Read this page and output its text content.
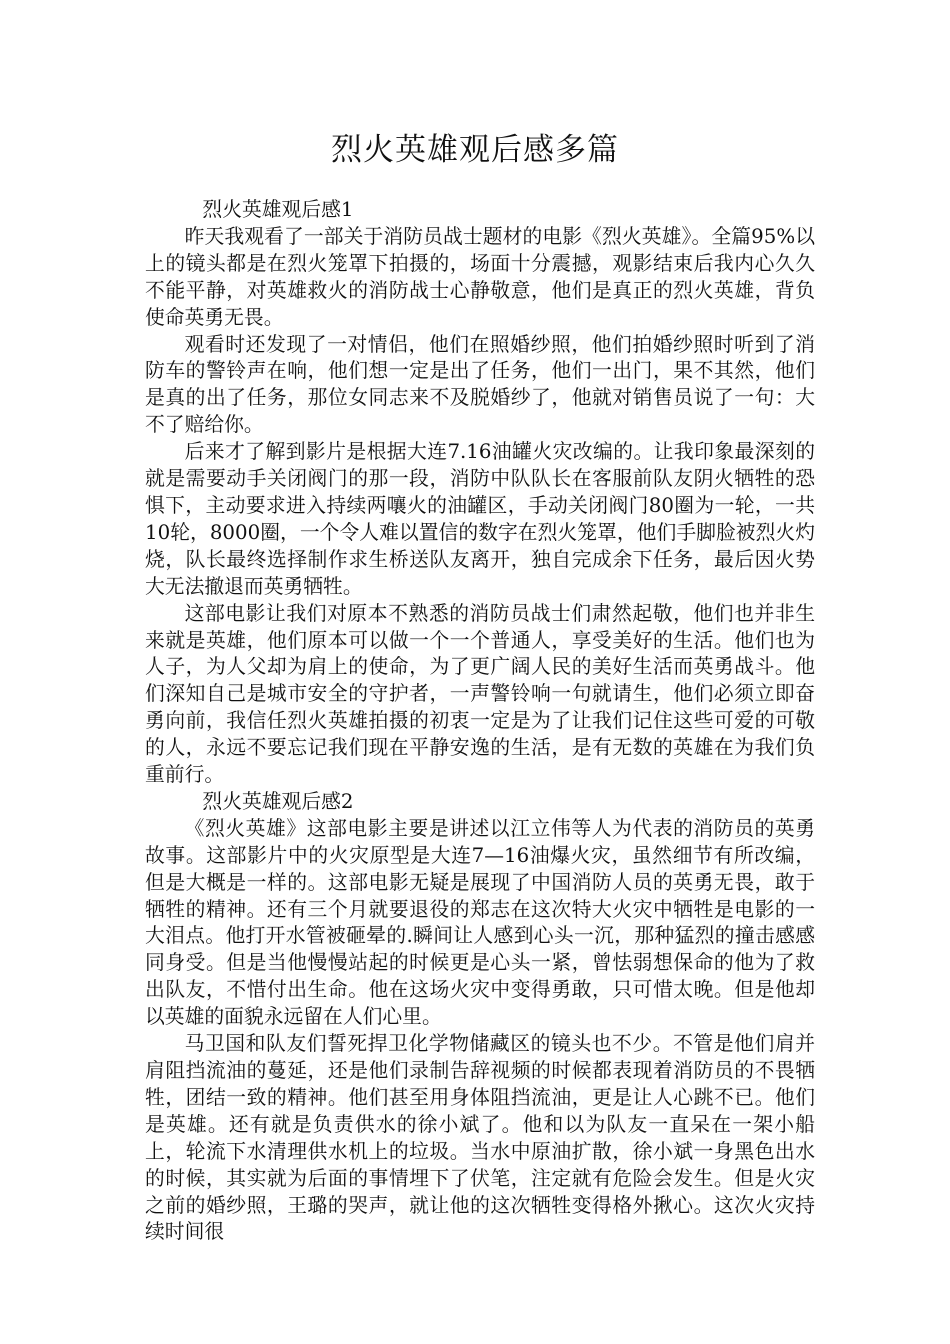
烈火英雄观后感多篇

烈火英雄观后感1

昨天我观看了一部关于消防员战士题材的电影《烈火英雄》。全篇95%以上的镜头都是在烈火笼罩下拍摄的，场面十分震撼，观影结束后我内心久久不能平静，对英雄救火的消防战士心静敬意，他们是真正的烈火英雄，背负使命英勇无畏。

观看时还发现了一对情侣，他们在照婚纱照，他们拍婚纱照时听到了消防车的警铃声在响，他们想一定是出了任务，他们一出门，果不其然，他们是真的出了任务，那位女同志来不及脱婚纱了，他就对销售员说了一句：大不了赔给你。

后来才了解到影片是根据大连7.16油罐火灾改编的。让我印象最深刻的就是需要动手关闭阀门的那一段，消防中队队长在客服前队友阴火牺牲的恐惧下，主动要求进入持续两嚷火的油罐区，手动关闭阀门80圈为一轮，一共10轮，8000圈，一个令人难以置信的数字在烈火笼罩，他们手脚脸被烈火灼烧，队长最终选择制作求生桥送队友离开，独自完成余下任务，最后因火势大无法撤退而英勇牺牲。

这部电影让我们对原本不熟悉的消防员战士们肃然起敬，他们也并非生来就是英雄，他们原本可以做一个一个普通人，享受美好的生活。他们也为人子，为人父却为肩上的使命，为了更广阔人民的美好生活而英勇战斗。他们深知自己是城市安全的守护者，一声警铃响一句就请生，他们必须立即奋勇向前，我信任烈火英雄拍摄的初衷一定是为了让我们记住这些可爱的可敬的人，永远不要忘记我们现在平静安逸的生活，是有无数的英雄在为我们负重前行。

烈火英雄观后感2

《烈火英雄》这部电影主要是讲述以江立伟等人为代表的消防员的英勇故事。这部影片中的火灾原型是大连7—16油爆火灾，虽然细节有所改编，但是大概是一样的。这部电影无疑是展现了中国消防人员的英勇无畏，敢于牺牲的精神。还有三个月就要退役的郑志在这次特大火灾中牺牲是电影的一大泪点。他打开水管被砸晕的.瞬间让人感到心头一沉，那种猛烈的撞击感感同身受。但是当他慢慢站起的时候更是心头一紧，曾怯弱想保命的他为了救出队友，不惜付出生命。他在这场火灾中变得勇敢，只可惜太晚。但是他却以英雄的面貌永远留在人们心里。

马卫国和队友们誓死捍卫化学物储藏区的镜头也不少。不管是他们肩并肩阻挡流油的蔓延，还是他们录制告辞视频的时候都表现着消防员的不畏牺牲，团结一致的精神。他们甚至用身体阻挡流油，更是让人心跳不已。他们是英雄。还有就是负责供水的徐小斌了。他和以为队友一直呆在一架小船上，轮流下水清理供水机上的垃圾。当水中原油扩散，徐小斌一身黑色出水的时候，其实就为后面的事情埋下了伏笔，注定就有危险会发生。但是火灾之前的婚纱照，王璐的哭声，就让他的这次牺牲变得格外揪心。这次火灾持续时间很
